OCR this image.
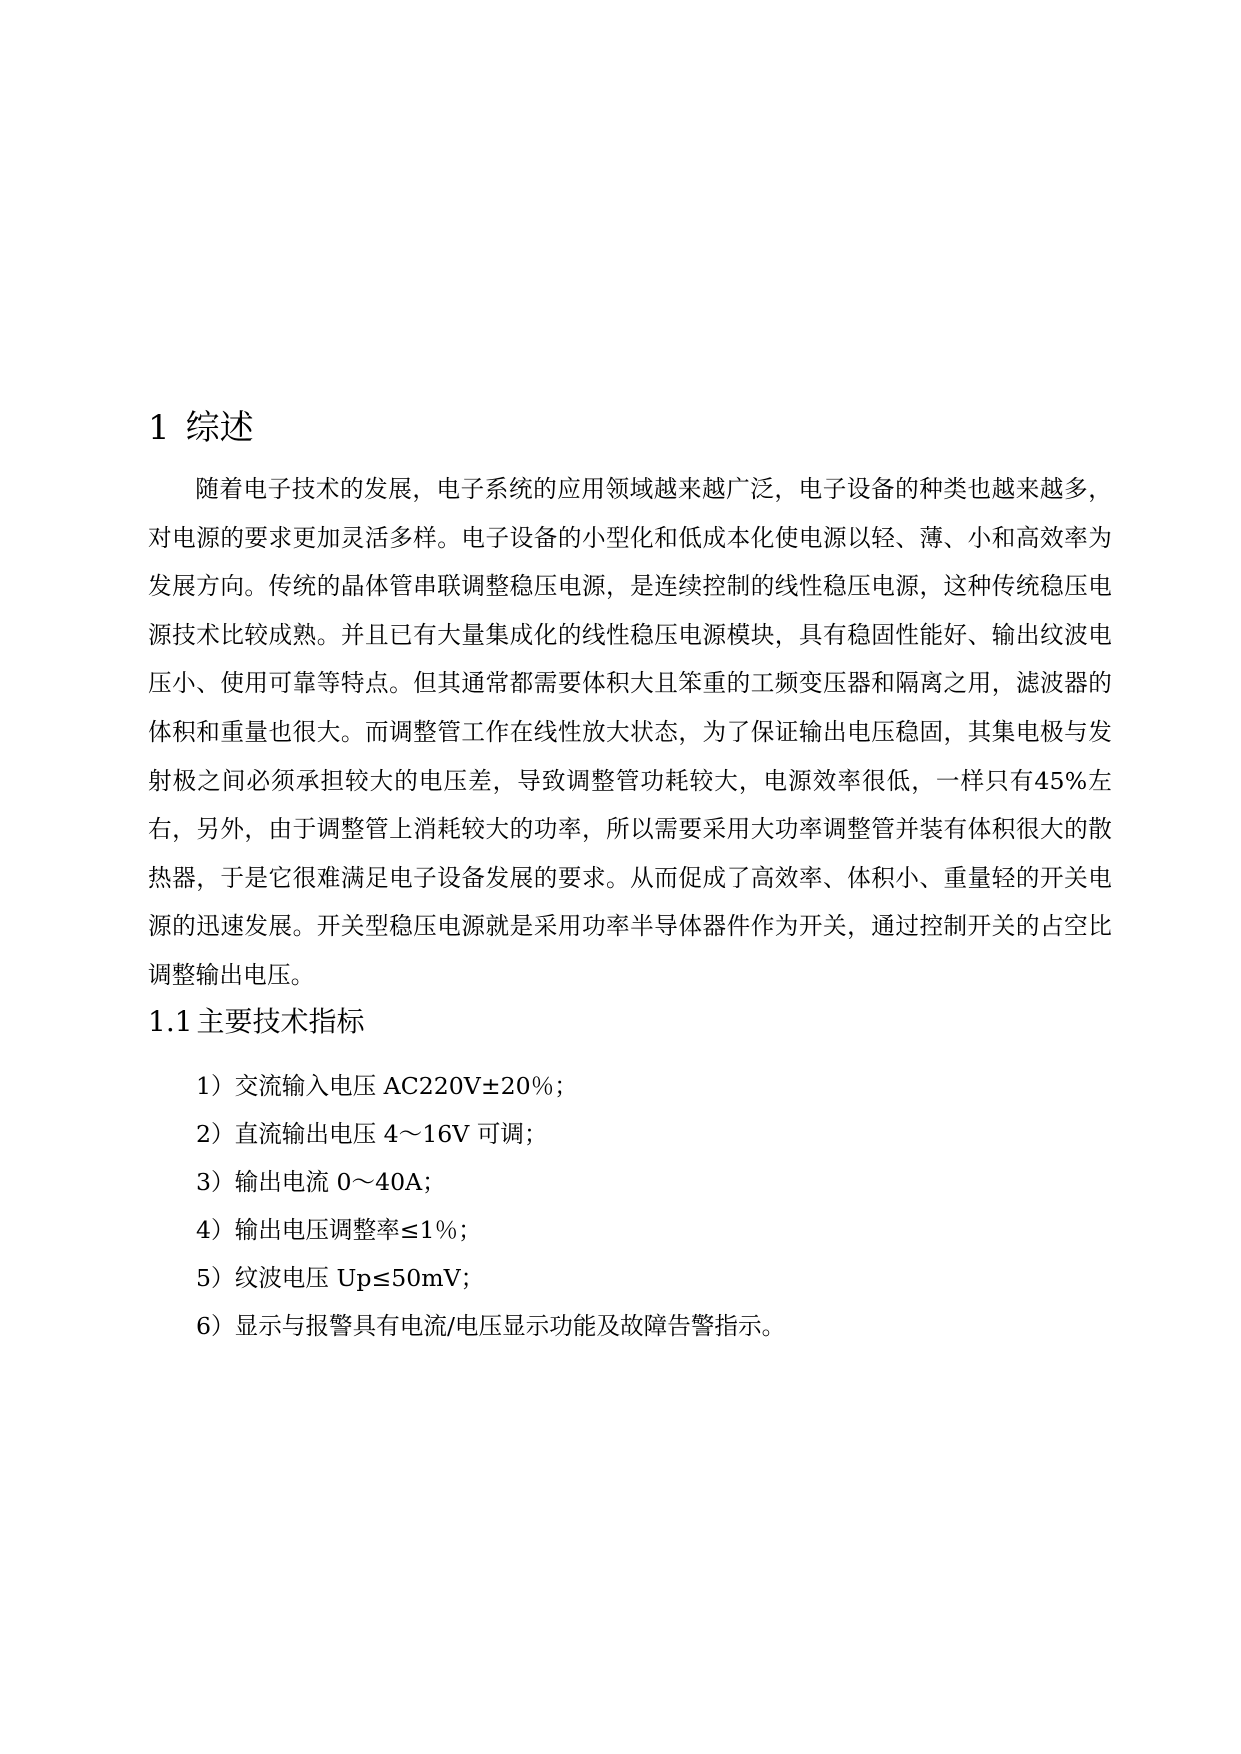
1 综述

随着电子技术的发展，电子系统的应用领域越来越广泛，电子设备的种类也越来越多，对电源的要求更加灵活多样。电子设备的小型化和低成本化使电源以轻、薄、小和高效率为发展方向。传统的晶体管串联调整稳压电源，是连续控制的线性稳压电源，这种传统稳压电源技术比较成熟。并且已有大量集成化的线性稳压电源模块，具有稳固性能好、输出纹波电压小、使用可靠等特点。但其通常都需要体积大且笨重的工频变压器和隔离之用，滤波器的体积和重量也很大。而调整管工作在线性放大状态，为了保证输出电压稳固，其集电极与发射极之间必须承担较大的电压差，导致调整管功耗较大，电源效率很低，一样只有45%左右，另外，由于调整管上消耗较大的功率，所以需要采用大功率调整管并装有体积很大的散热器，于是它很难满足电子设备发展的要求。从而促成了高效率、体积小、重量轻的开关电源的迅速发展。开关型稳压电源就是采用功率半导体器件作为开关，通过控制开关的占空比调整输出电压。

1.1 主要技术指标
1）交流输入电压 AC220V±20％；
2）直流输出电压 4～16V 可调；
3）输出电流 0～40A；
4）输出电压调整率≤1％；
5）纹波电压 Up≤50mV；
6）显示与报警具有电流/电压显示功能及故障告警指示。
